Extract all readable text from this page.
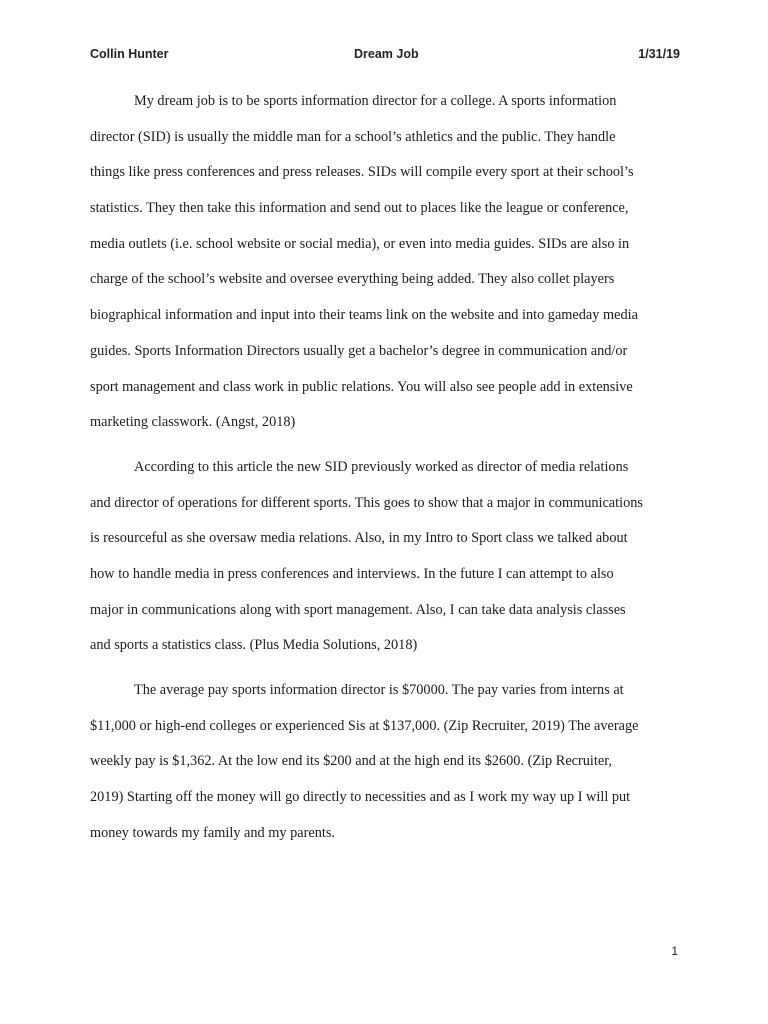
Collin Hunter	Dream Job	1/31/19
My dream job is to be sports information director for a college. A sports information
director (SID) is usually the middle man for a school’s athletics and the public. They handle
things like press conferences and press releases. SIDs will compile every sport at their school’s
statistics. They then take this information and send out to places like the league or conference,
media outlets (i.e. school website or social media), or even into media guides. SIDs are also in
charge of the school’s website and oversee everything being added. They also collet players
biographical information and input into their teams link on the website and into gameday media
guides. Sports Information Directors usually get a bachelor’s degree in communication and/or
sport management and class work in public relations. You will also see people add in extensive
marketing classwork. (Angst, 2018)
According to this article the new SID previously worked as director of media relations
and director of operations for different sports. This goes to show that a major in communications
is resourceful as she oversaw media relations. Also, in my Intro to Sport class we talked about
how to handle media in press conferences and interviews. In the future I can attempt to also
major in communications along with sport management. Also, I can take data analysis classes
and sports a statistics class. (Plus Media Solutions, 2018)
The average pay sports information director is $70000. The pay varies from interns at
$11,000 or high-end colleges or experienced Sis at $137,000. (Zip Recruiter, 2019) The average
weekly pay is $1,362. At the low end its $200 and at the high end its $2600. (Zip Recruiter,
2019) Starting off the money will go directly to necessities and as I work my way up I will put
money towards my family and my parents.
1
